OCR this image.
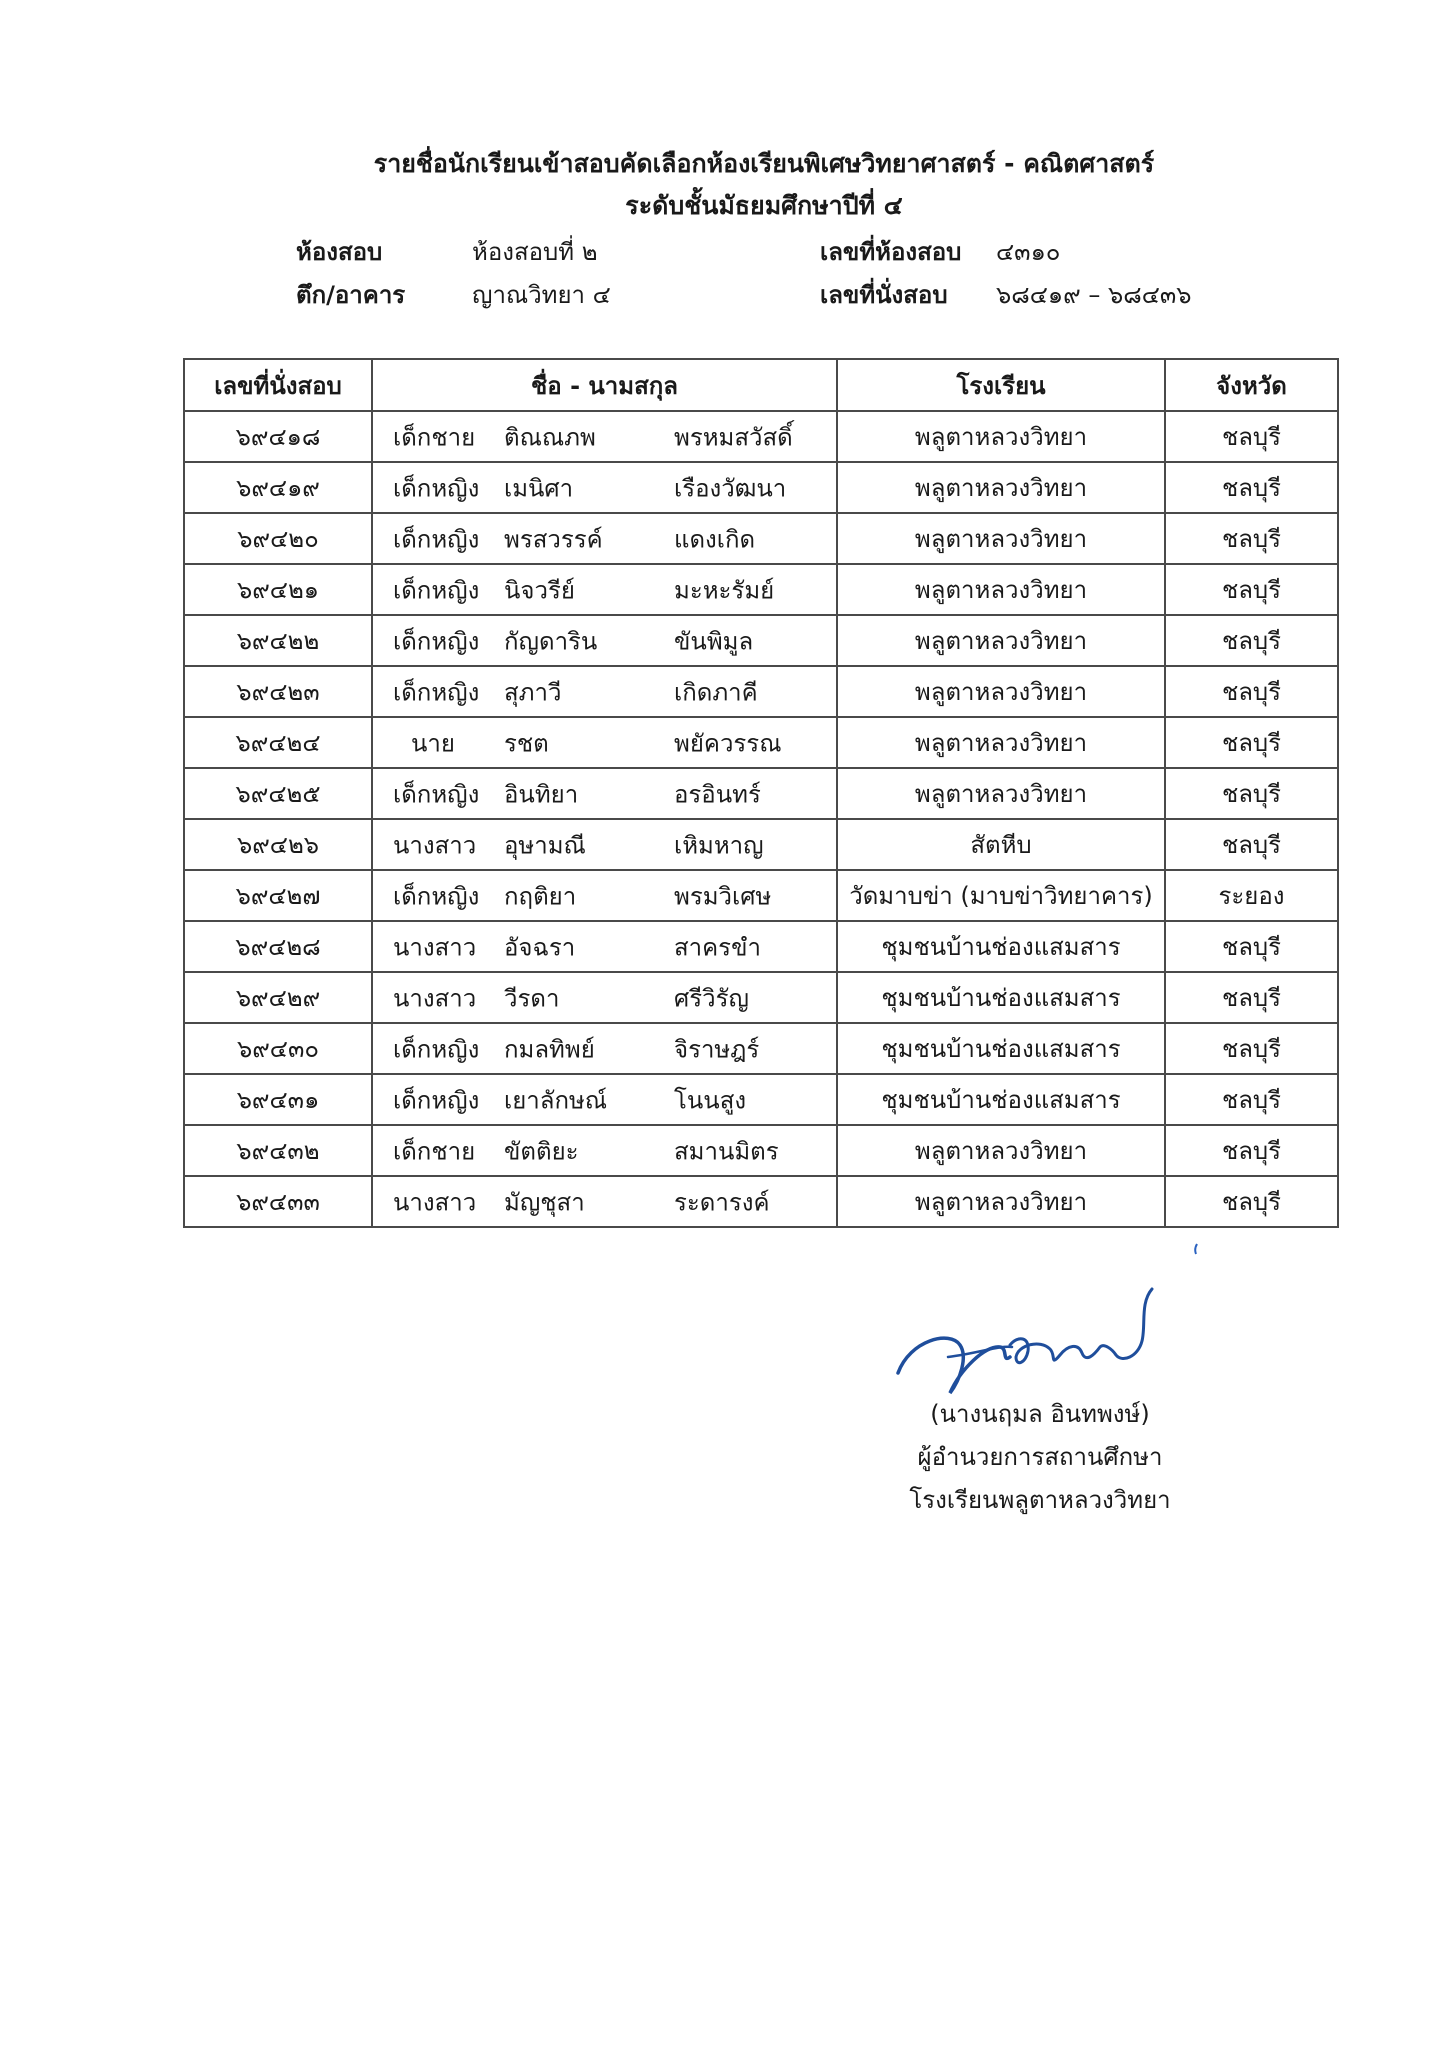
รายชื่อนักเรียนเข้าสอบคัดเลือกห้องเรียนพิเศษวิทยาศาสตร์ - คณิตศาสตร์
ระดับชั้นมัธยมศึกษาปีที่ ๔
ห้องสอบ	ห้องสอบที่ ๒	เลขที่ห้องสอบ ๔๓๑๐
ตึก/อาคาร	ญาณวิทยา ๔	เลขที่นั่งสอบ ๖๘๔๑๙ – ๖๘๔๓๖
เลขที่นั่งสอบ	ชื่อ - นามสกุล	โรงเรียน	จังหวัด
๖๙๔๑๘	เด็กชาย ติณณภพ พรหมสวัสดิ์	พลูตาหลวงวิทยา	ชลบุรี
๖๙๔๑๙	เด็กหญิง เมนิศา เรืองวัฒนา	พลูตาหลวงวิทยา	ชลบุรี
๖๙๔๒๐	เด็กหญิง พรสวรรค์ แดงเกิด	พลูตาหลวงวิทยา	ชลบุรี
๖๙๔๒๑	เด็กหญิง นิจวรีย์ มะหะรัมย์	พลูตาหลวงวิทยา	ชลบุรี
๖๙๔๒๒	เด็กหญิง กัญดาริน ขันพิมูล	พลูตาหลวงวิทยา	ชลบุรี
๖๙๔๒๓	เด็กหญิง สุภาวี เกิดภาคี	พลูตาหลวงวิทยา	ชลบุรี
๖๙๔๒๔	นาย รชต พยัควรรณ	พลูตาหลวงวิทยา	ชลบุรี
๖๙๔๒๕	เด็กหญิง อินทิยา อรอินทร์	พลูตาหลวงวิทยา	ชลบุรี
๖๙๔๒๖	นางสาว อุษามณี เหิมหาญ	สัตหีบ	ชลบุรี
๖๙๔๒๗	เด็กหญิง กฤติยา พรมวิเศษ	วัดมาบข่า (มาบข่าวิทยาคาร)	ระยอง
๖๙๔๒๘	นางสาว อัจฉรา สาครขำ	ชุมชนบ้านช่องแสมสาร	ชลบุรี
๖๙๔๒๙	นางสาว วีรดา ศรีวิรัญ	ชุมชนบ้านช่องแสมสาร	ชลบุรี
๖๙๔๓๐	เด็กหญิง กมลทิพย์ จิราษฎร์	ชุมชนบ้านช่องแสมสาร	ชลบุรี
๖๙๔๓๑	เด็กหญิง เยาลักษณ์ โนนสูง	ชุมชนบ้านช่องแสมสาร	ชลบุรี
๖๙๔๓๒	เด็กชาย ขัตติยะ สมานมิตร	พลูตาหลวงวิทยา	ชลบุรี
๖๙๔๓๓	นางสาว มัญชุสา ระดารงค์	พลูตาหลวงวิทยา	ชลบุรี
(นางนฤมล อินทพงษ์)
ผู้อำนวยการสถานศึกษา
โรงเรียนพลูตาหลวงวิทยา
